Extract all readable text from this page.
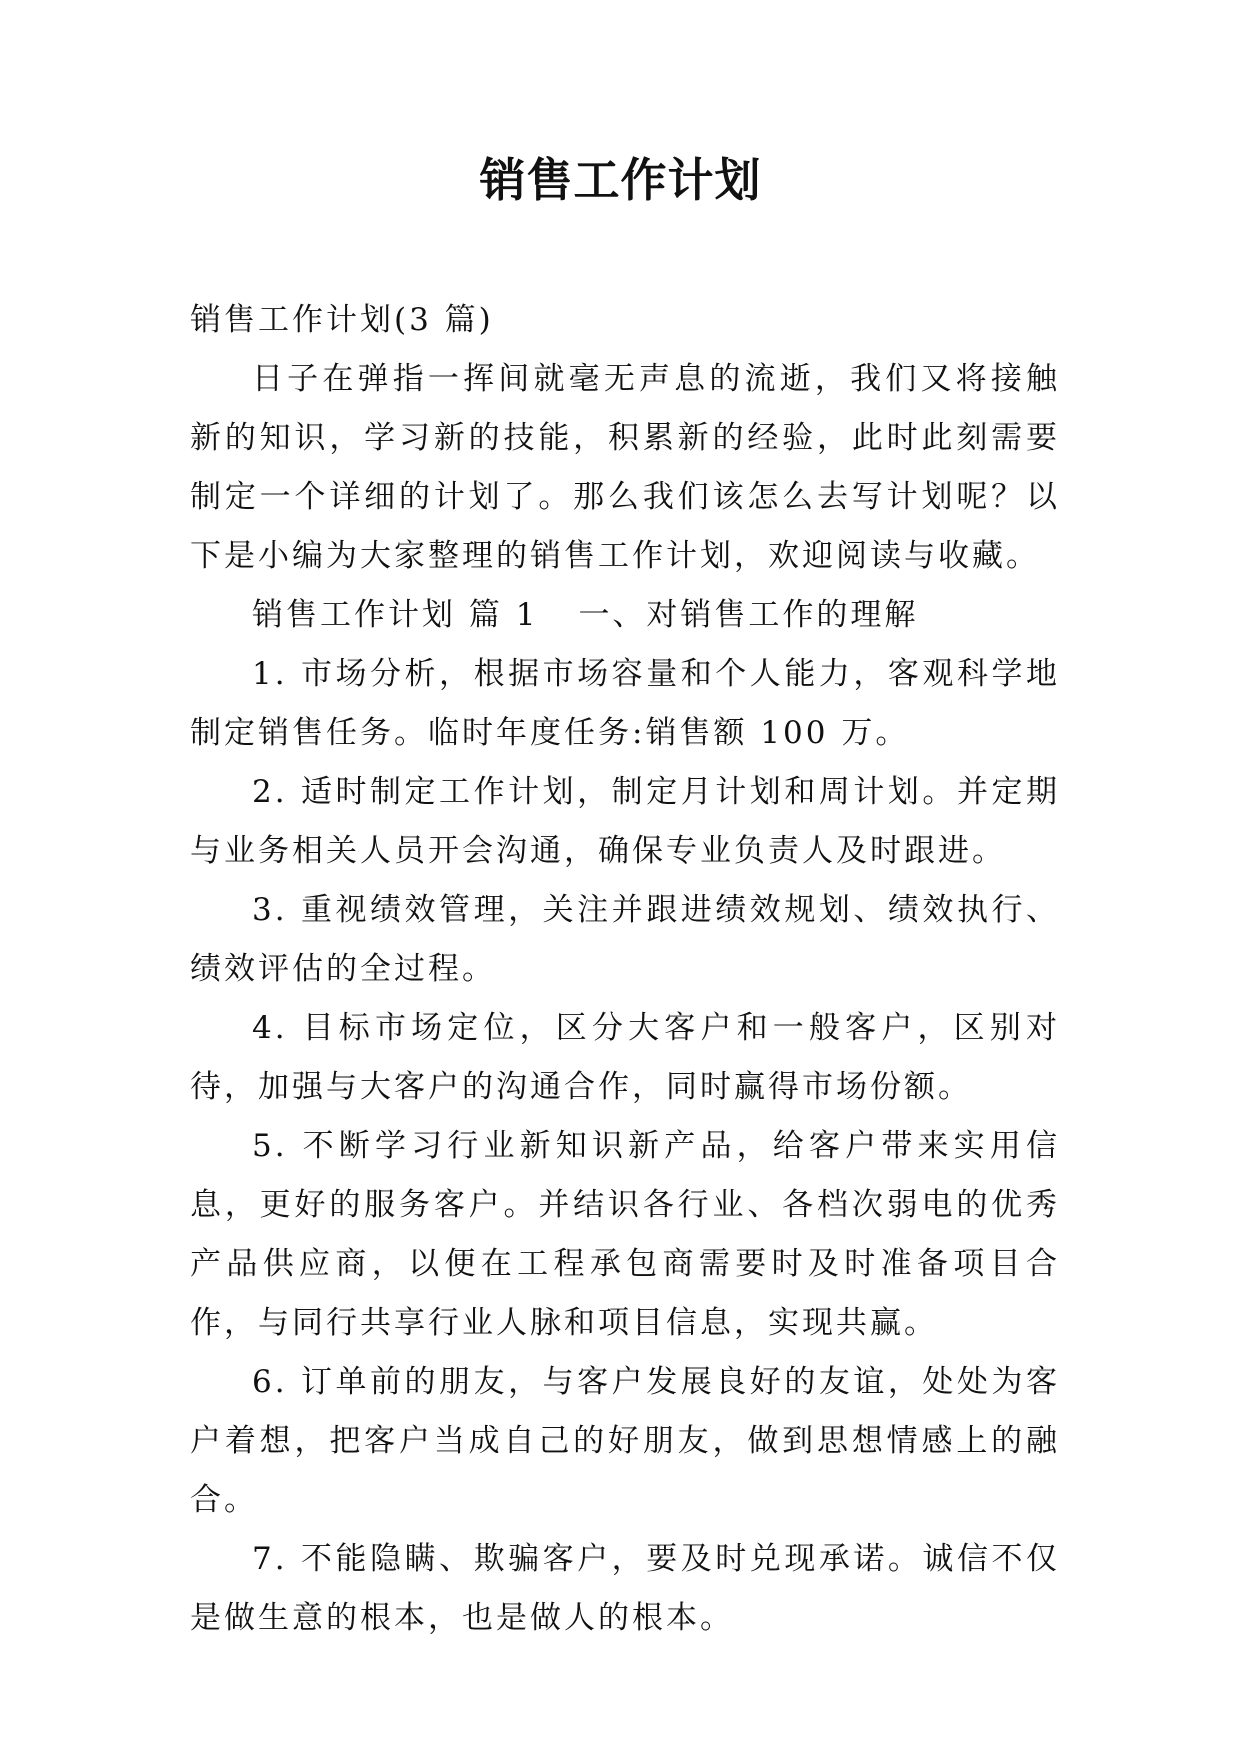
销售工作计划

销售工作计划(3 篇)

日子在弹指一挥间就毫无声息的流逝，我们又将接触新的知识，学习新的技能，积累新的经验，此时此刻需要制定一个详细的计划了。那么我们该怎么去写计划呢？以下是小编为大家整理的销售工作计划，欢迎阅读与收藏。

销售工作计划 篇 1 一、对销售工作的理解

1. 市场分析，根据市场容量和个人能力，客观科学地制定销售任务。临时年度任务:销售额 100 万。

2. 适时制定工作计划，制定月计划和周计划。并定期与业务相关人员开会沟通，确保专业负责人及时跟进。

3. 重视绩效管理，关注并跟进绩效规划、绩效执行、绩效评估的全过程。

4. 目标市场定位，区分大客户和一般客户，区别对待，加强与大客户的沟通合作，同时赢得市场份额。

5. 不断学习行业新知识新产品，给客户带来实用信息，更好的服务客户。并结识各行业、各档次弱电的优秀产品供应商，以便在工程承包商需要时及时准备项目合作，与同行共享行业人脉和项目信息，实现共赢。

6. 订单前的朋友，与客户发展良好的友谊，处处为客户着想，把客户当成自己的好朋友，做到思想情感上的融合。

7. 不能隐瞒、欺骗客户，要及时兑现承诺。诚信不仅是做生意的根本，也是做人的根本。
